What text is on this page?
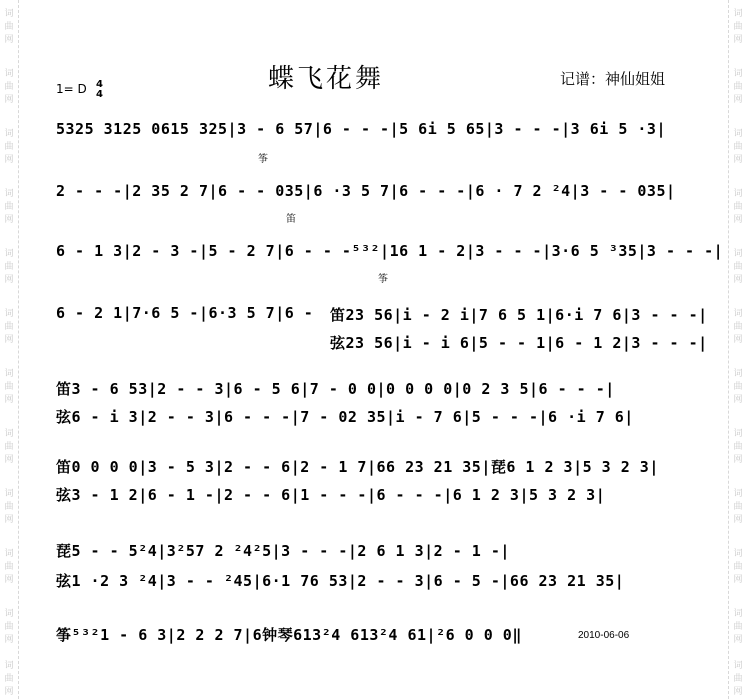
词
曲
网
词
曲
网
词
曲
网
词
曲
网
词
曲
网
词
曲
网
词
曲
网
词
曲
网
词
曲
网
词
曲
网
词
曲
网
词
曲
网
词
曲
网
词
曲
网
词
曲
网
词
曲
网
词
曲
网
词
曲
网
词
曲
网
词
曲
网
词
曲
网
词
曲
网
词
曲
网
词
曲
网
蝶飞花舞
1= D 4
4
记谱：神仙姐姐
5325 3125 0615 325|3 - 6 57|6 - - -|5 6i 5 65|3 - - -|3 6i 5 ·3|
筝
2 - - -|2 35 2 7|6 - - 035|6 ·3 5 7|6 - - -|6 · 7 2 ²4|3 - - 035|
笛
6 - 1 3|2 - 3 -|5 - 2 7|6 - - -⁵³²|16 1 - 2|3 - - -|3·6 5 ³35|3 - - -|
筝
6 - 2 1|7·6 5 -|6·3 5 7|6 - 笛23 56|i - 2 i|7 6 5 1|6·i 7 6|3 - - -|
弦23 56|i - i 6|5 - - 1|6 - 1 2|3 - - -|
笛3 - 6 53|2 - - 3|6 - 5 6|7 - 0 0|0 0 0 0|0 2 3 5|6 - - -|
弦6 - i 3|2 - - 3|6 - - -|7 - 02 35|i - 7 6|5 - - -|6 ·i 7 6|
笛0 0 0 0|3 - 5 3|2 - - 6|2 - 1 7|66 23 21 35|琵6 1 2 3|5 3 2 3|
弦3 - 1 2|6 - 1 -|2 - - 6|1 - - -|6 - - -|6 1 2 3|5 3 2 3|
琵5 - - 5²4|3²57 2 ²4²5|3 - - -|2 6 1 3|2 - 1 -|
弦1 ·2 3 ²4|3 - - ²45|6·1 76 53|2 - - 3|6 - 5 -|66 23 21 35|
筝⁵³²1 - 6 3|2 2 2 7|6钟琴613²4 613²4 61|²6 0 0 0‖	2010-06-06
